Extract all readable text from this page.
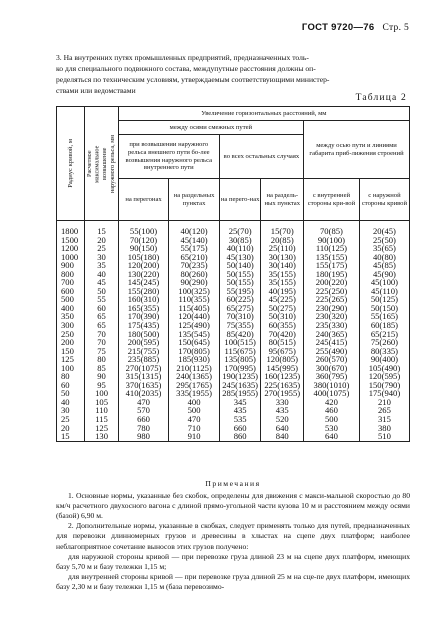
ГОСТ 9720—76 Стр. 5
3. На внутренних путях промышленных предприятий, предназначенных толь-
ко для специального подвижного состава, междупутные расстояния должны оп-
ределяться по техническим условиям, утверждаемым соответствующими министер-
ствами или ведомствами
Таблица 2
Радиус кривой, м	Расчетное максимальное возвышение наружного рельса, мм	Увеличение горизонтальных расстояний, мм					
		между осями смежных путей				между осью пути и линиями габарита приб-лижения строений	
		при возвышении наружного рельса внешнего пути бо-лее возвышения наружного рельса внутреннего пути		во всех остальных случаях			
		на перегонах	на раздельных пунктах	на перего-нах	на раздель-ных пунктах	с внутренней стороны кри-вой	с наружной стороны кривой
1800	15	55(100)	40(120)	25(70)	15(70)	70(85)	20(45)
1500	20	70(120)	45(140)	30(85)	20(85)	90(100)	25(50)
1200	25	90(150)	55(175)	40(110)	25(110)	110(125)	35(65)
1000	30	105(180)	65(210)	45(130)	30(130)	135(155)	40(80)
900	35	120(200)	70(235)	50(140)	30(140)	155(175)	45(85)
800	40	130(220)	80(260)	50(155)	35(155)	180(195)	45(90)
700	45	145(245)	90(290)	50(155)	35(155)	200(220)	45(100)
600	50	155(280)	100(325)	55(195)	40(195)	225(250)	45(110)
500	55	160(310)	110(355)	60(225)	45(225)	225(265)	50(125)
400	60	165(355)	115(405)	65(275)	50(275)	230(290)	50(150)
350	65	170(390)	120(440)	70(310)	50(310)	230(320)	55(165)
300	65	175(435)	125(490)	75(355)	60(355)	235(330)	60(185)
250	70	180(500)	135(545)	85(420)	70(420)	240(365)	65(215)
200	70	200(595)	150(645)	100(515)	80(515)	245(415)	75(260)
150	75	215(755)	170(805)	115(675)	95(675)	255(490)	80(335)
125	80	235(885)	185(930)	135(805)	120(805)	260(570)	90(400)
100	85	270(1075)	210(1125)	170(995)	145(995)	300(670)	105(490)
80	90	315(1315)	240(1365)	190(1235)	160(1235)	360(795)	120(595)
60	95	370(1635)	295(1765)	245(1635)	225(1635)	380(1010)	150(790)
50	100	410(2035)	335(1955)	285(1955)	270(1955)	400(1075)	175(940)
40	105	470	400	345	330	420	210
30	110	570	500	435	435	460	265
25	115	660	470	535	520	500	315
20	125	780	710	660	640	530	380
15	130	980	910	860	840	640	510
Примечания

1. Основные нормы, указанные без скобок, определены для движения с макси-мальной скоростью до 80 км/ч расчетного двухосного вагона с длиной прямо-угольной части кузова 10 м и расстоянием между осями (базой) 6,90 м.

2. Дополнительные нормы, указанные в скобках, следует применять только для путей, предназначенных для перевозки длинномерных грузов и древесины в хлыстах на сцепе двух платформ; наиболее неблагоприятное сочетание выносов этих грузов получено:

для наружной стороны кривой — при перевозке груза длиной 23 м на сцепе двух платформ, имеющих базу 5,70 м и базу тележки 1,15 м;

для внутренней стороны кривой — при перевозке груза длиной 25 м на сце-пе двух платформ, имеющих базу 2,30 м и базу тележки 1,15 м (база перевозимо-
